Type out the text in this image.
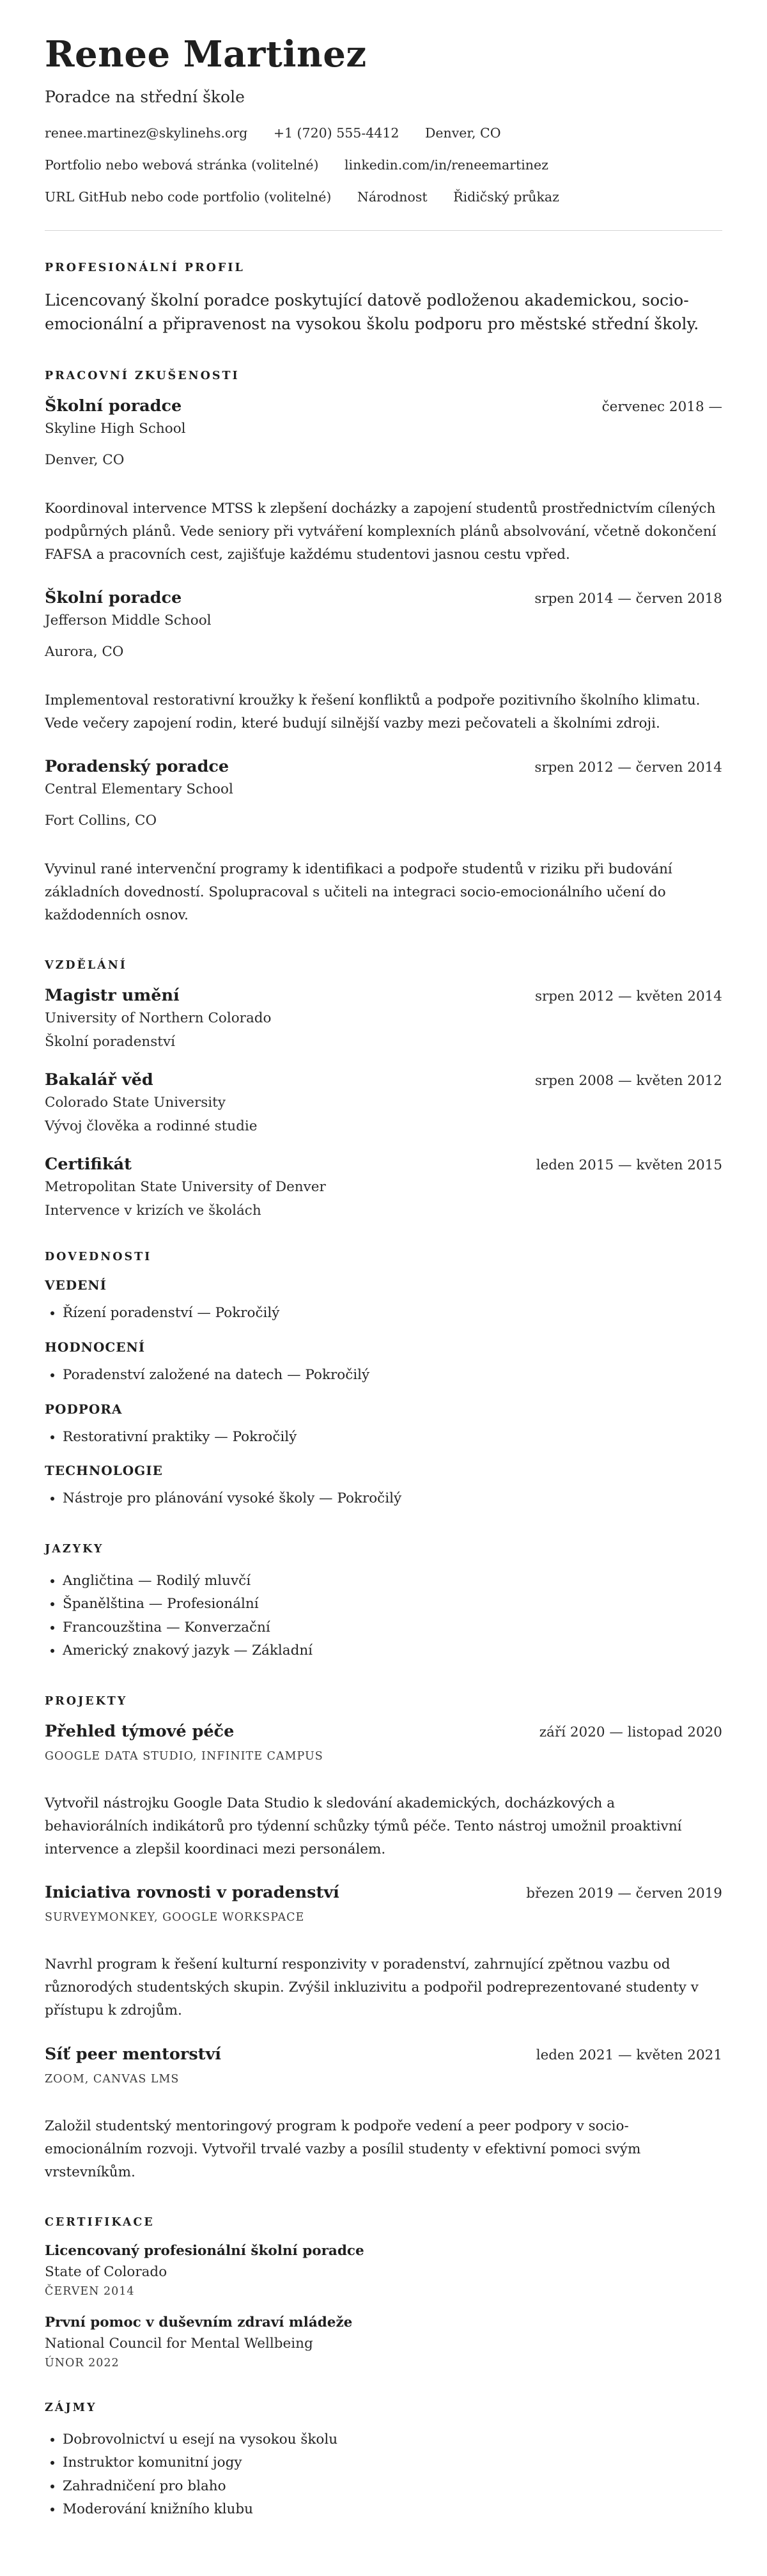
Renee Martinez
Poradce na střední škole
renee.martinez@skylinehs.org +1 (720) 555-4412 Denver, CO
Portfolio nebo webová stránka (volitelné) linkedin.com/in/reneemartinez
URL GitHub nebo code portfolio (volitelné) Národnost Řidičský průkaz
PROFESIONÁLNÍ PROFIL
Licencovaný školní poradce poskytující datově podloženou akademickou, socio-emocionální a připravenost na vysokou školu podporu pro městské střední školy.
PRACOVNÍ ZKUŠENOSTI
Školní poradce	červenec 2018 —
Skyline High School
Denver, CO
Koordinoval intervence MTSS k zlepšení docházky a zapojení studentů prostřednictvím cílených podpůrných plánů. Vede seniory při vytváření komplexních plánů absolvování, včetně dokončení FAFSA a pracovních cest, zajišťuje každému studentovi jasnou cestu vpřed.
Školní poradce	srpen 2014 — červen 2018
Jefferson Middle School
Aurora, CO
Implementoval restorativní kroužky k řešení konfliktů a podpoře pozitivního školního klimatu. Vede večery zapojení rodin, které budují silnější vazby mezi pečovateli a školními zdroji.
Poradenský poradce	srpen 2012 — červen 2014
Central Elementary School
Fort Collins, CO
Vyvinul rané intervenční programy k identifikaci a podpoře studentů v riziku při budování základních dovedností. Spolupracoval s učiteli na integraci socio-emocionálního učení do každodenních osnov.
VZDĚLÁNÍ
Magistr umění	srpen 2012 — květen 2014
University of Northern Colorado
Školní poradenství
Bakalář věd	srpen 2008 — květen 2012
Colorado State University
Vývoj člověka a rodinné studie
Certifikát	leden 2015 — květen 2015
Metropolitan State University of Denver
Intervence v krizích ve školách
DOVEDNOSTI
VEDENÍ
• Řízení poradenství — Pokročilý
HODNOCENÍ
• Poradenství založené na datech — Pokročilý
PODPORA
• Restorativní praktiky — Pokročilý
TECHNOLOGIE
• Nástroje pro plánování vysoké školy — Pokročilý
JAZYKY
• Angličtina — Rodilý mluvčí
• Španělština — Profesionální
• Francouzština — Konverzační
• Americký znakový jazyk — Základní
PROJEKTY
Přehled týmové péče	září 2020 — listopad 2020
GOOGLE DATA STUDIO, INFINITE CAMPUS
Vytvořil nástrojku Google Data Studio k sledování akademických, docházkových a behaviorálních indikátorů pro týdenní schůzky týmů péče. Tento nástroj umožnil proaktivní intervence a zlepšil koordinaci mezi personálem.
Iniciativa rovnosti v poradenství	březen 2019 — červen 2019
SURVEYMONKEY, GOOGLE WORKSPACE
Navrhl program k řešení kulturní responzivity v poradenství, zahrnující zpětnou vazbu od různorodých studentských skupin. Zvýšil inkluzivitu a podpořil podreprezentované studenty v přístupu k zdrojům.
Síť peer mentorství	leden 2021 — květen 2021
ZOOM, CANVAS LMS
Založil studentský mentoringový program k podpoře vedení a peer podpory v socio-emocionálním rozvoji. Vytvořil trvalé vazby a posílil studenty v efektivní pomoci svým vrstevníkům.
CERTIFIKACE
Licencovaný profesionální školní poradce
State of Colorado
ČERVEN 2014
První pomoc v duševním zdraví mládeže
National Council for Mental Wellbeing
ÚNOR 2022
ZÁJMY
• Dobrovolnictví u esejí na vysokou školu
• Instruktor komunitní jogy
• Zahradničení pro blaho
• Moderování knižního klubu
